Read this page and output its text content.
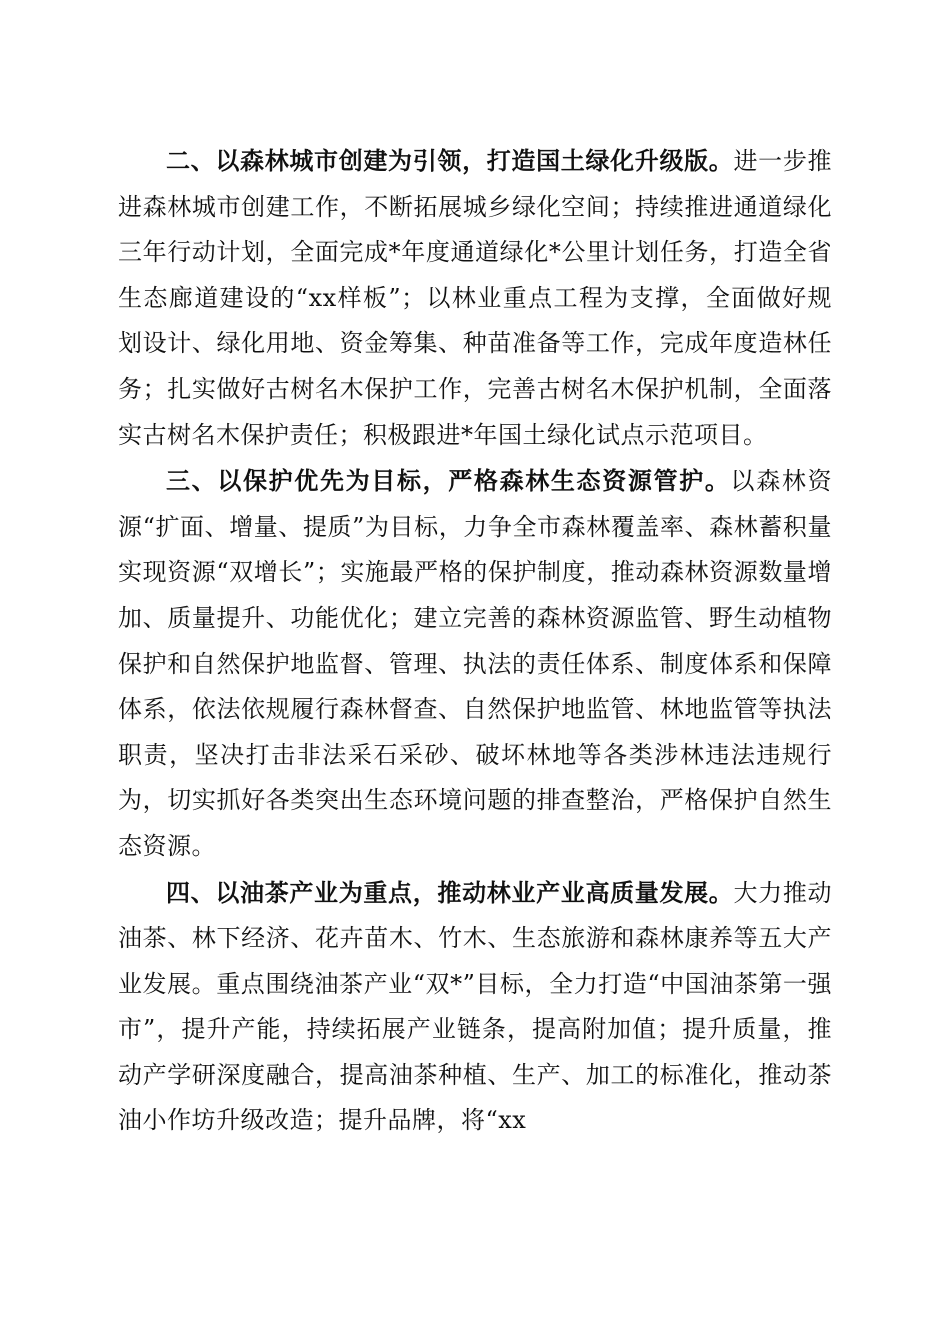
二、以森林城市创建为引领，打造国土绿化升级版。进一步推进森林城市创建工作，不断拓展城乡绿化空间；持续推进通道绿化三年行动计划，全面完成*年度通道绿化*公里计划任务，打造全省生态廊道建设的“xx样板”；以林业重点工程为支撑，全面做好规划设计、绿化用地、资金筹集、种苗准备等工作，完成年度造林任务；扎实做好古树名木保护工作，完善古树名木保护机制，全面落实古树名木保护责任；积极跟进*年国土绿化试点示范项目。

三、以保护优先为目标，严格森林生态资源管护。以森林资源“扩面、增量、提质”为目标，力争全市森林覆盖率、森林蓄积量实现资源“双增长”；实施最严格的保护制度，推动森林资源数量增加、质量提升、功能优化；建立完善的森林资源监管、野生动植物保护和自然保护地监督、管理、执法的责任体系、制度体系和保障体系，依法依规履行森林督查、自然保护地监管、林地监管等执法职责，坚决打击非法采石采砂、破坏林地等各类涉林违法违规行为，切实抓好各类突出生态环境问题的排查整治，严格保护自然生态资源。

四、以油茶产业为重点，推动林业产业高质量发展。大力推动油茶、林下经济、花卉苗木、竹木、生态旅游和森林康养等五大产业发展。重点围绕油茶产业“双*”目标，全力打造“中国油茶第一强市”，提升产能，持续拓展产业链条，提高附加值；提升质量，推动产学研深度融合，提高油茶种植、生产、加工的标准化，推动茶油小作坊升级改造；提升品牌，将“xx
